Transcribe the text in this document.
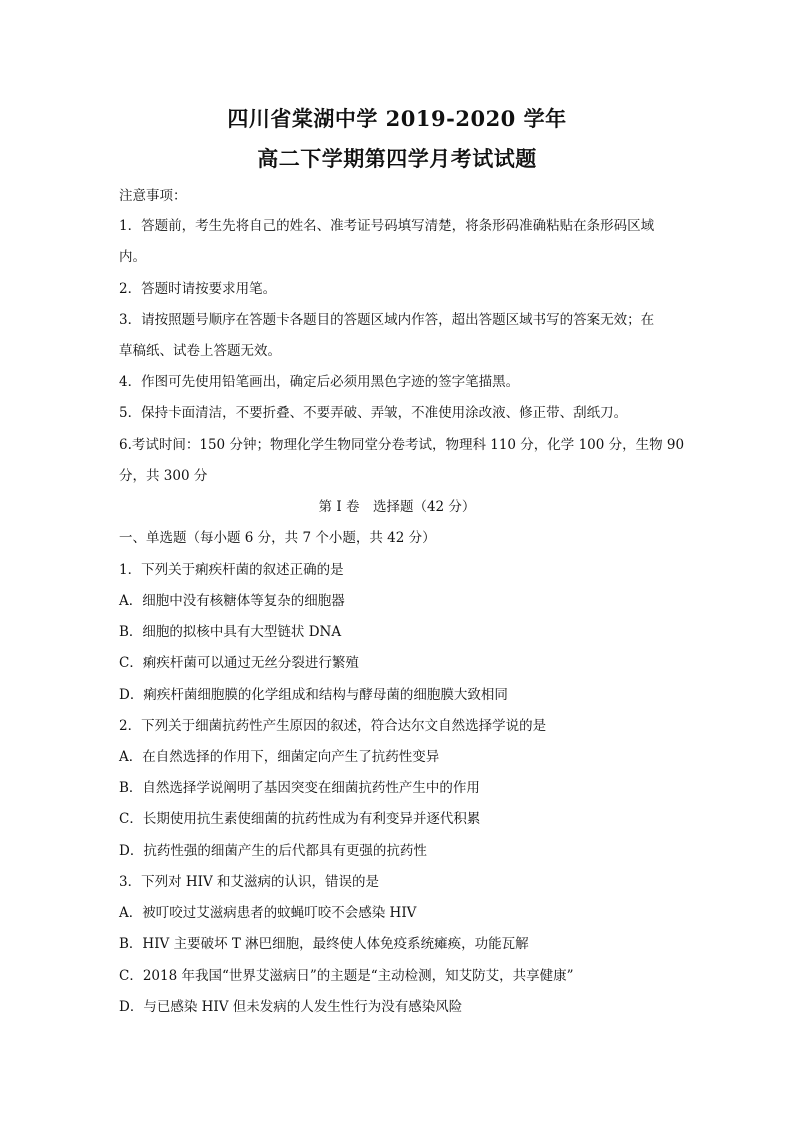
四川省棠湖中学 2019-2020 学年
高二下学期第四学月考试试题
注意事项：
1．答题前，考生先将自己的姓名、准考证号码填写清楚，将条形码准确粘贴在条形码区域
内。
2．答题时请按要求用笔。
3．请按照题号顺序在答题卡各题目的答题区域内作答，超出答题区域书写的答案无效；在
草稿纸、试卷上答题无效。
4．作图可先使用铅笔画出，确定后必须用黑色字迹的签字笔描黑。
5．保持卡面清洁，不要折叠、不要弄破、弄皱，不准使用涂改液、修正带、刮纸刀。
6.考试时间：150 分钟；物理化学生物同堂分卷考试，物理科 110 分，化学 100 分，生物 90
分，共 300 分
第 I 卷　选择题（42 分）
一、单选题（每小题 6 分，共 7 个小题，共 42 分）
1．下列关于痢疾杆菌的叙述正确的是
A．细胞中没有核糖体等复杂的细胞器
B．细胞的拟核中具有大型链状 DNA
C．痢疾杆菌可以通过无丝分裂进行繁殖
D．痢疾杆菌细胞膜的化学组成和结构与酵母菌的细胞膜大致相同
2．下列关于细菌抗药性产生原因的叙述，符合达尔文自然选择学说的是
A．在自然选择的作用下，细菌定向产生了抗药性变异
B．自然选择学说阐明了基因突变在细菌抗药性产生中的作用
C．长期使用抗生素使细菌的抗药性成为有利变异并逐代积累
D．抗药性强的细菌产生的后代都具有更强的抗药性
3．下列对 HIV 和艾滋病的认识，错误的是
A．被叮咬过艾滋病患者的蚊蝇叮咬不会感染 HIV
B．HIV 主要破坏 T 淋巴细胞，最终使人体免疫系统瘫痪，功能瓦解
C．2018 年我国“世界艾滋病日”的主题是“主动检测，知艾防艾，共享健康”
D．与已感染 HIV 但未发病的人发生性行为没有感染风险
